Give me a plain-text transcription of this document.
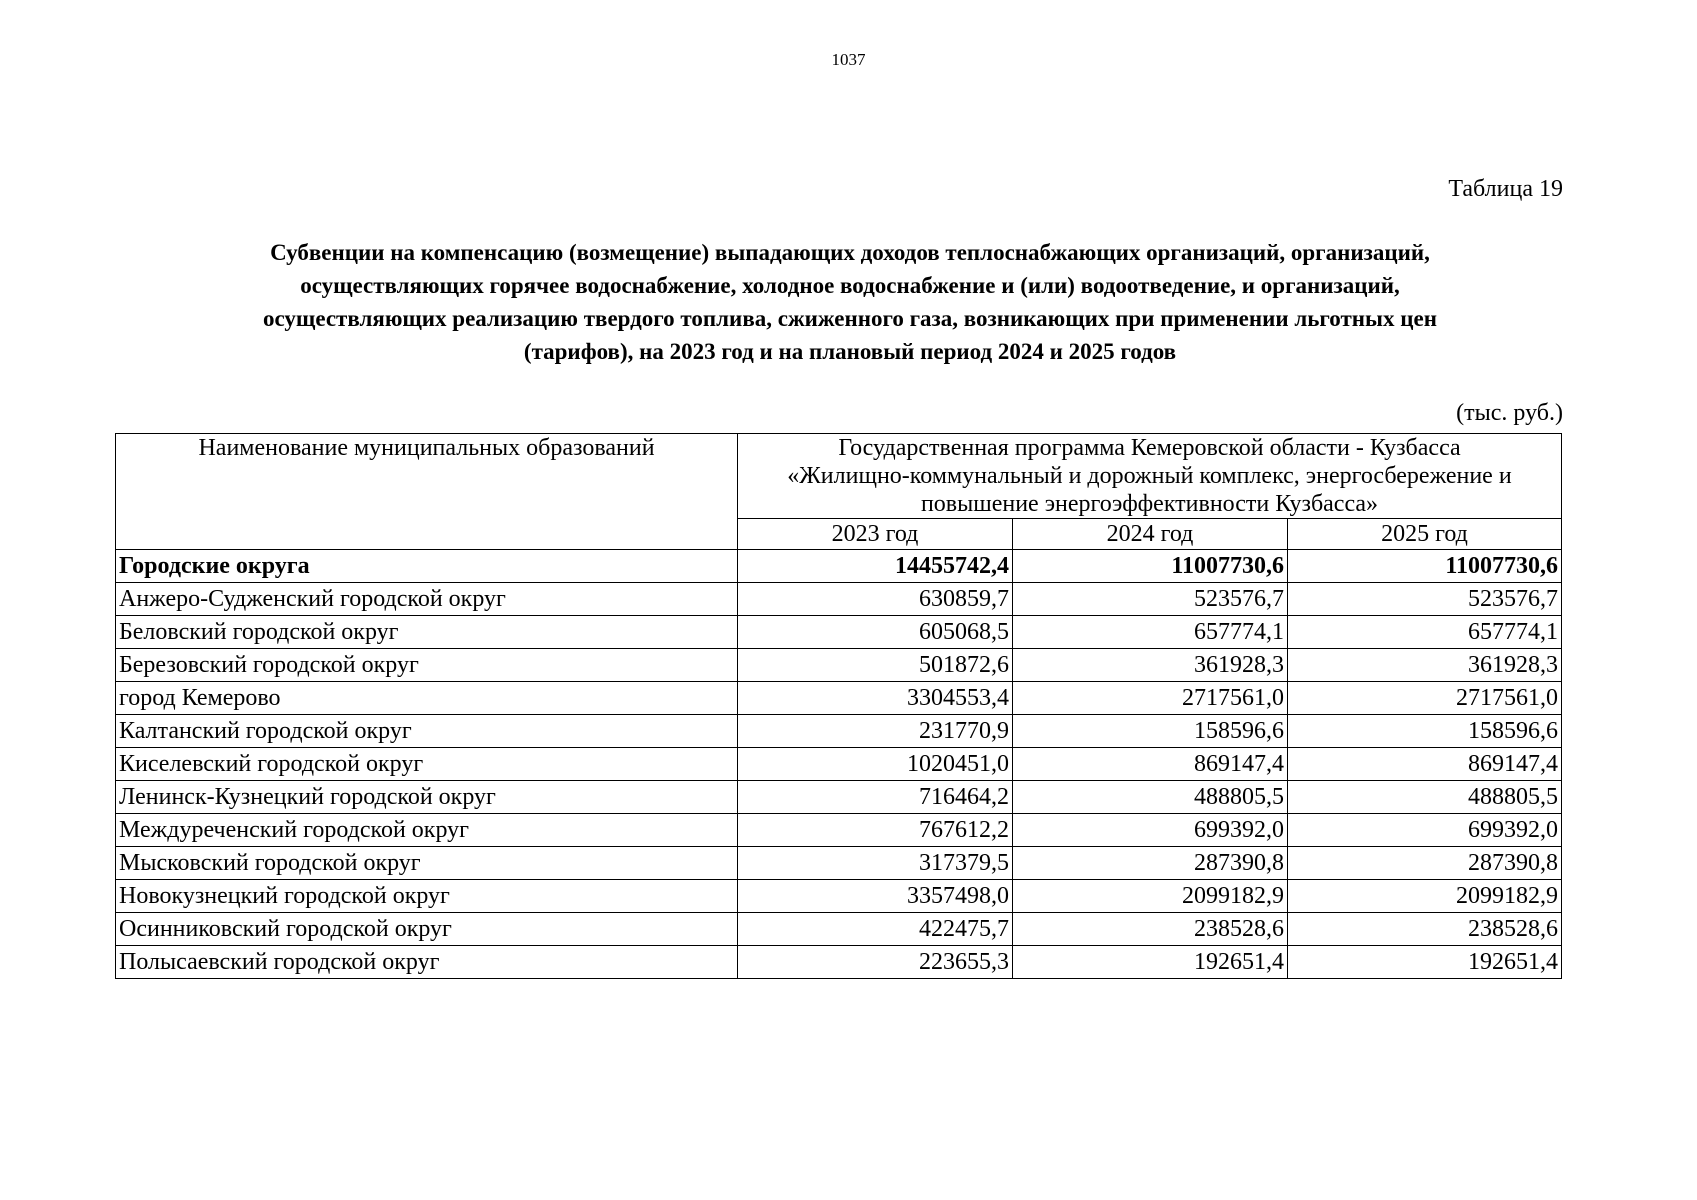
1037
Таблица 19
Субвенции на компенсацию (возмещение) выпадающих доходов теплоснабжающих организаций, организаций,
осуществляющих горячее водоснабжение, холодное водоснабжение и (или) водоотведение, и организаций,
осуществляющих реализацию твердого топлива, сжиженного газа, возникающих при применении льготных цен
(тарифов), на 2023 год и на плановый период 2024 и 2025 годов
(тыс. руб.)
Наименование муниципальных образований	Государственная программа Кемеровской области - Кузбасса
«Жилищно-коммунальный и дорожный комплекс, энергосбережение и
повышение энергоэффективности Кузбасса»		

	2023 год	2024 год	2025 год
Городские округа	14455742,4	11007730,6	11007730,6
Анжеро-Судженский городской округ	630859,7	523576,7	523576,7
Беловский городской округ	605068,5	657774,1	657774,1
Березовский городской округ	501872,6	361928,3	361928,3
город Кемерово	3304553,4	2717561,0	2717561,0
Калтанский городской округ	231770,9	158596,6	158596,6
Киселевский городской округ	1020451,0	869147,4	869147,4
Ленинск-Кузнецкий городской округ	716464,2	488805,5	488805,5
Междуреченский городской округ	767612,2	699392,0	699392,0
Мысковский городской округ	317379,5	287390,8	287390,8
Новокузнецкий городской округ	3357498,0	2099182,9	2099182,9
Осинниковский городской округ	422475,7	238528,6	238528,6
Полысаевский городской округ	223655,3	192651,4	192651,4
